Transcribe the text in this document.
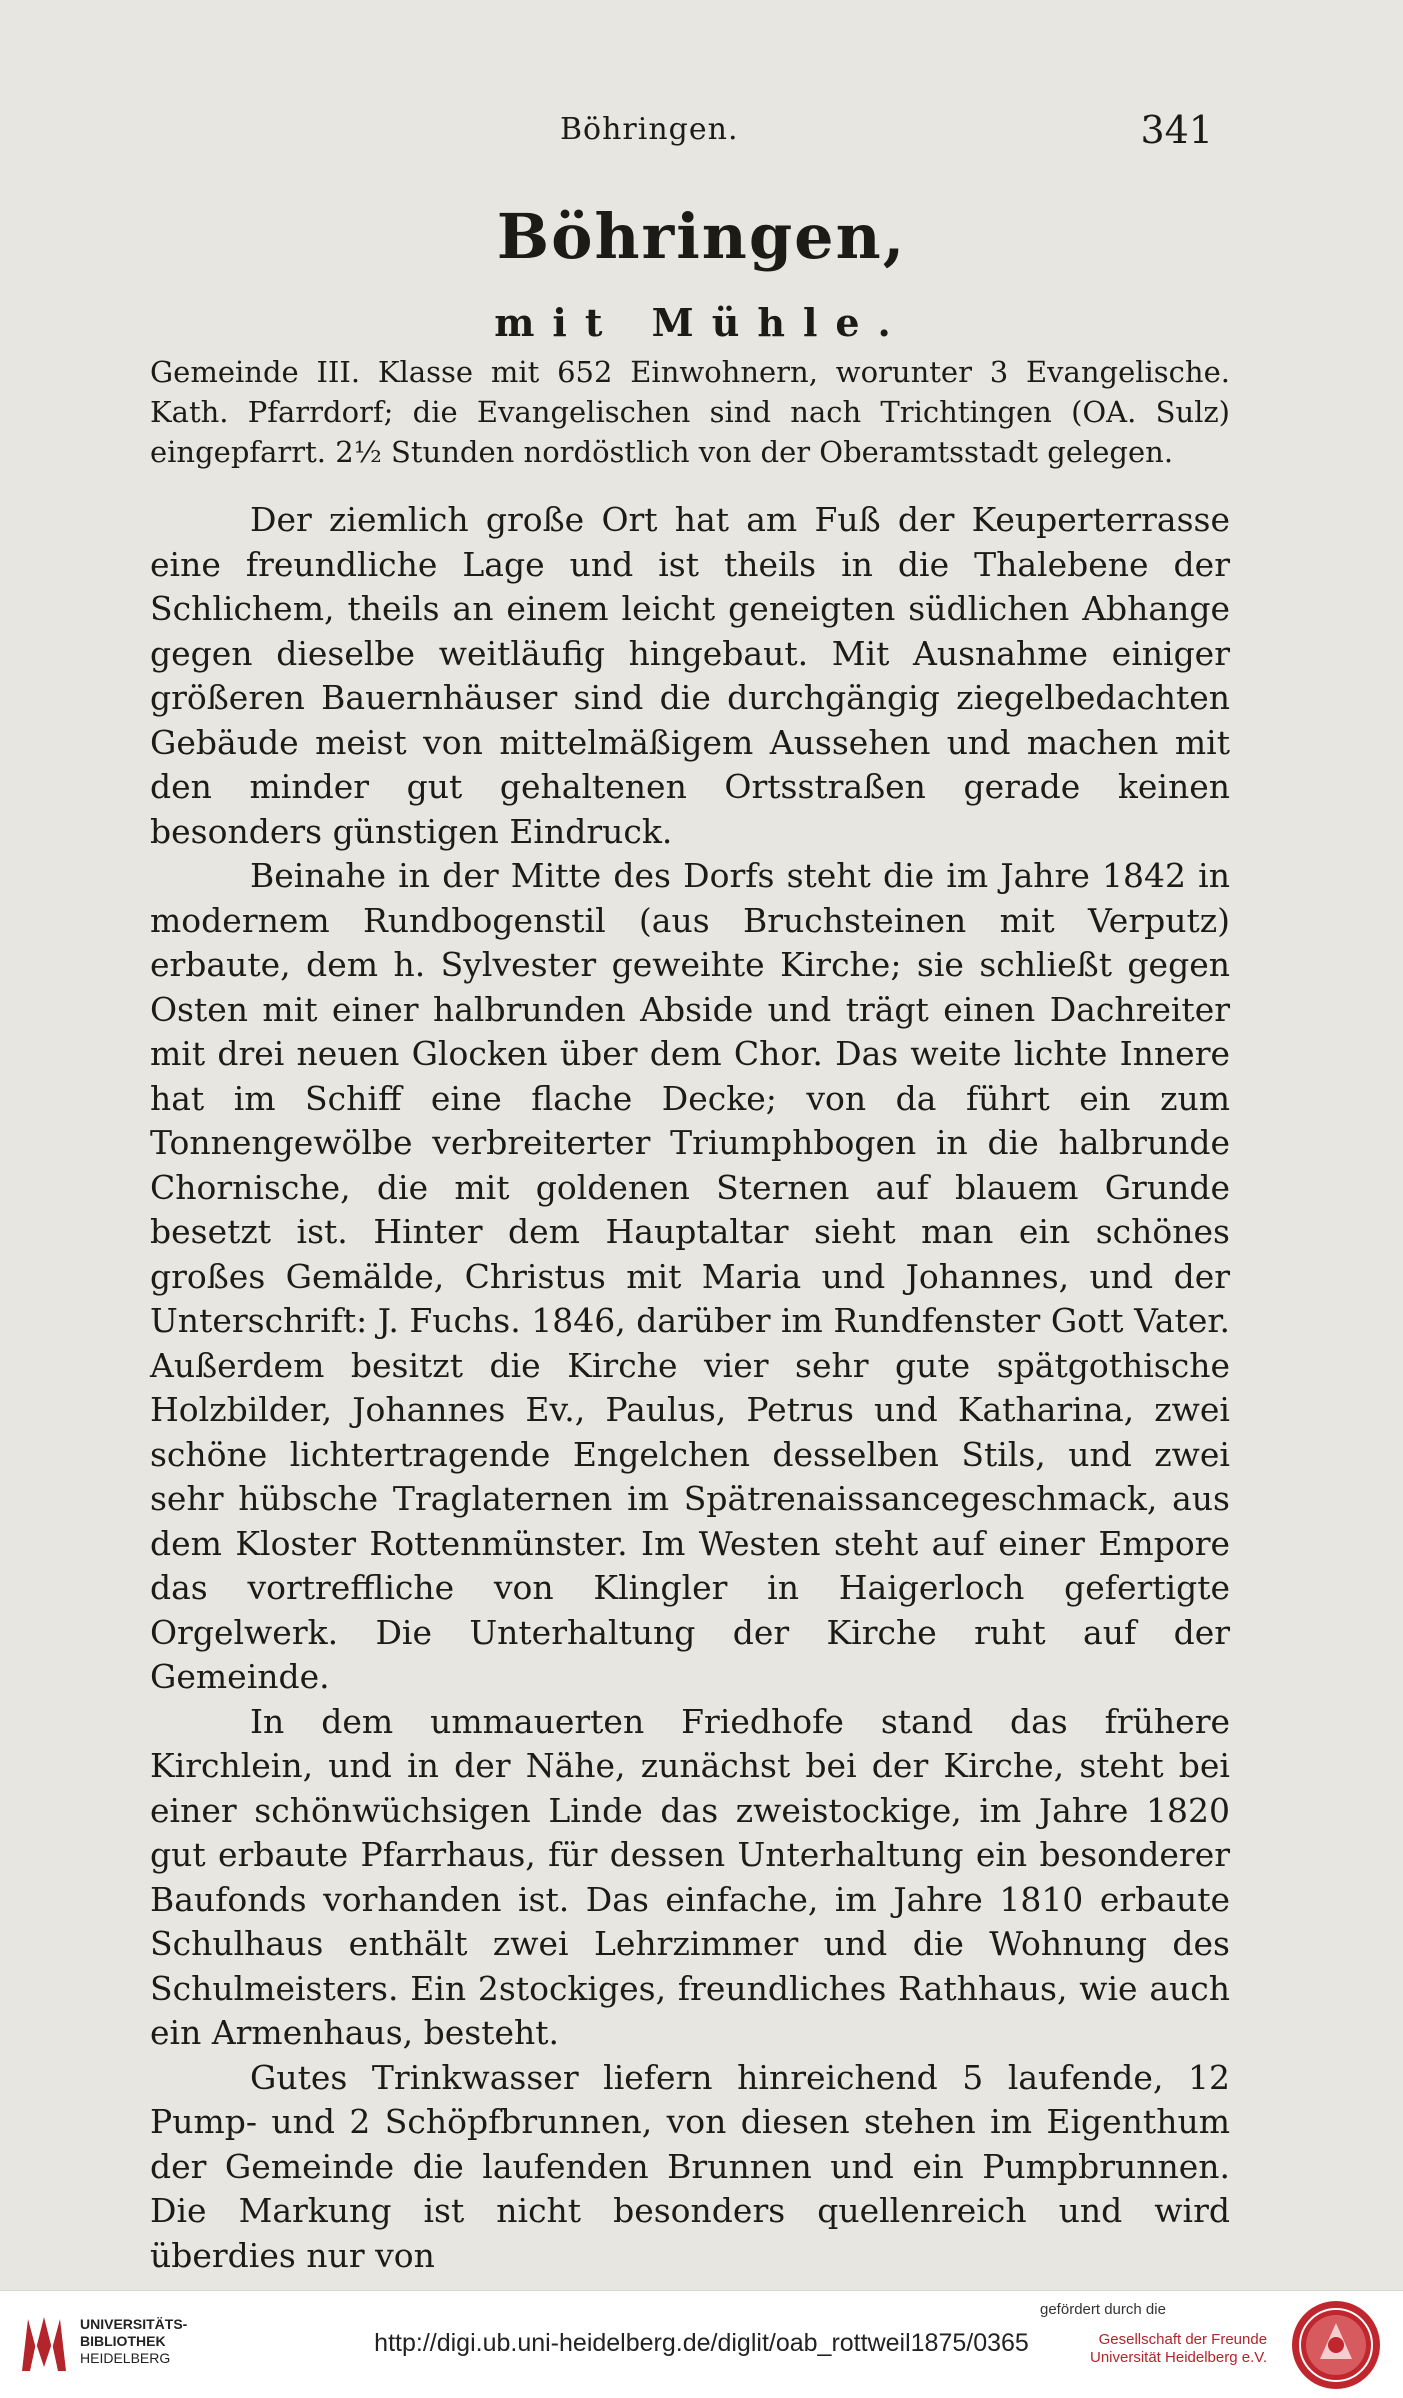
Böhringen.	341
Böhringen,
mit Mühle.
Gemeinde III. Klasse mit 652 Einwohnern, worunter 3 Evangelische. Kath. Pfarrdorf; die Evangelischen sind nach Trichtingen (OA. Sulz) eingepfarrt. 2½ Stunden nordöstlich von der Oberamtsstadt gelegen.

Der ziemlich große Ort hat am Fuß der Keuperterrasse eine freundliche Lage und ist theils in die Thalebene der Schlichem, theils an einem leicht geneigten südlichen Abhange gegen dieselbe weitläufig hingebaut. Mit Ausnahme einiger größeren Bauernhäuser sind die durchgängig ziegelbedachten Gebäude meist von mittelmäßigem Aussehen und machen mit den minder gut gehaltenen Ortsstraßen gerade keinen besonders günstigen Eindruck.

Beinahe in der Mitte des Dorfs steht die im Jahre 1842 in modernem Rundbogenstil (aus Bruchsteinen mit Verputz) erbaute, dem h. Sylvester geweihte Kirche; sie schließt gegen Osten mit einer halbrunden Abside und trägt einen Dachreiter mit drei neuen Glocken über dem Chor. Das weite lichte Innere hat im Schiff eine flache Decke; von da führt ein zum Tonnengewölbe verbreiterter Triumphbogen in die halbrunde Chornische, die mit goldenen Sternen auf blauem Grunde besetzt ist. Hinter dem Hauptaltar sieht man ein schönes großes Gemälde, Christus mit Maria und Johannes, und der Unterschrift: J. Fuchs. 1846, darüber im Rundfenster Gott Vater. Außerdem besitzt die Kirche vier sehr gute spätgothische Holzbilder, Johannes Ev., Paulus, Petrus und Katharina, zwei schöne lichtertragende Engelchen desselben Stils, und zwei sehr hübsche Traglaternen im Spätrenaissancegeschmack, aus dem Kloster Rottenmünster. Im Westen steht auf einer Empore das vortreffliche von Klingler in Haigerloch gefertigte Orgelwerk. Die Unterhaltung der Kirche ruht auf der Gemeinde.

In dem ummauerten Friedhofe stand das frühere Kirchlein, und in der Nähe, zunächst bei der Kirche, steht bei einer schönwüchsigen Linde das zweistockige, im Jahre 1820 gut erbaute Pfarrhaus, für dessen Unterhaltung ein besonderer Baufonds vorhanden ist. Das einfache, im Jahre 1810 erbaute Schulhaus enthält zwei Lehrzimmer und die Wohnung des Schulmeisters. Ein 2stockiges, freundliches Rathhaus, wie auch ein Armenhaus, besteht.

Gutes Trinkwasser liefern hinreichend 5 laufende, 12 Pump- und 2 Schöpfbrunnen, von diesen stehen im Eigenthum der Gemeinde die laufenden Brunnen und ein Pumpbrunnen. Die Markung ist nicht besonders quellenreich und wird überdies nur von

UNIVERSITÄTS-
BIBLIOTHEK
HEIDELBERG
http://digi.ub.uni-heidelberg.de/diglit/oab_rottweil1875/0365
gefördert durch die
Gesellschaft der Freunde
Universität Heidelberg e.V.
